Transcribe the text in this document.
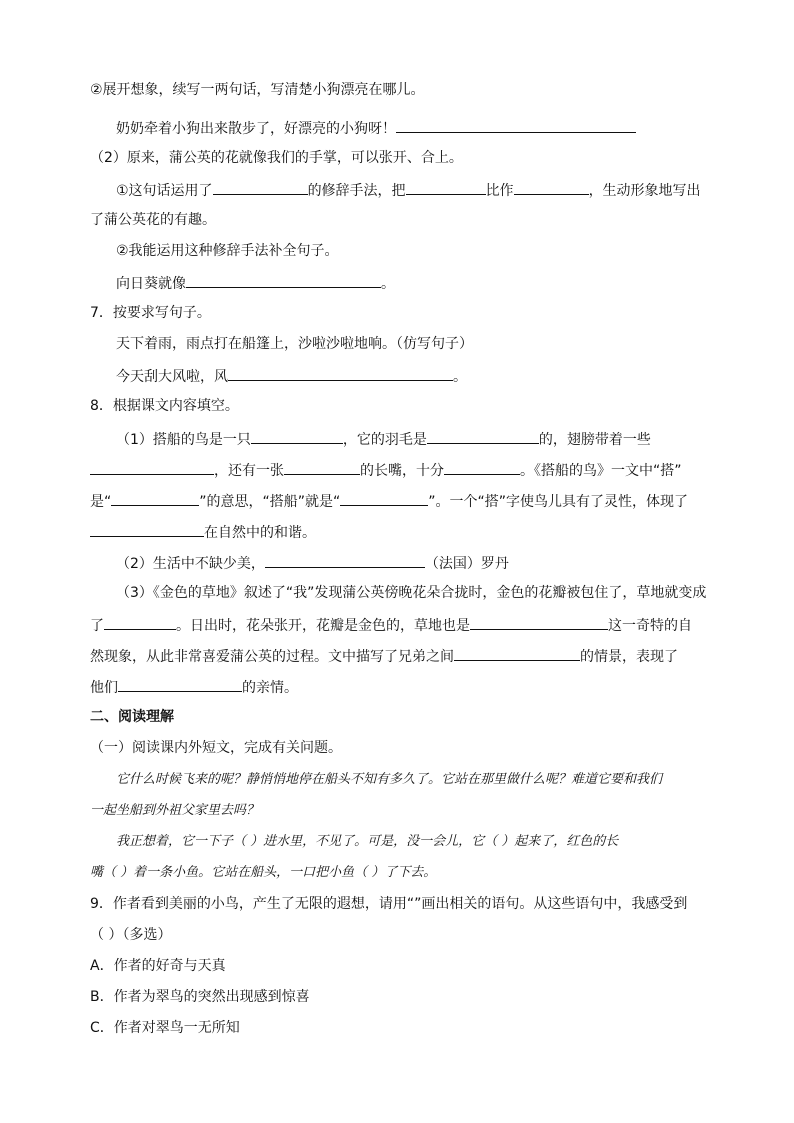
②展开想象，续写一两句话，写清楚小狗漂亮在哪儿。
奶奶牵着小狗出来散步了，好漂亮的小狗呀！
（2）原来，蒲公英的花就像我们的手掌，可以张开、合上。
①这句话运用了	的修辞手法，把	比作	，生动形象地写出
了蒲公英花的有趣。
②我能运用这种修辞手法补全句子。
向日葵就像	。
7．按要求写句子。
天下着雨，雨点打在船篷上，沙啦沙啦地响。（仿写句子）
今天刮大风啦，风	。
8．根据课文内容填空。
（1）搭船的鸟是一只	，它的羽毛是	的，翅膀带着一些
，还有一张	的长嘴，十分	。《搭船的鸟》一文中“搭”
是“	”的意思，“搭船”就是“	”。一个“搭”字使鸟儿具有了灵性，体现了
在自然中的和谐。
（2）生活中不缺少美，	（法国）罗丹
（3）《金色的草地》叙述了“我”发现蒲公英傍晚花朵合拢时，金色的花瓣被包住了，草地就变成
了	。日出时，花朵张开，花瓣是金色的，草地也是	这一奇特的自
然现象，从此非常喜爱蒲公英的过程。文中描写了兄弟之间	的情景，表现了
他们	的亲情。
二、阅读理解
（一）阅读课内外短文，完成有关问题。
它什么时候飞来的呢？静悄悄地停在船头不知有多久了。它站在那里做什么呢？难道它要和我们
一起坐船到外祖父家里去吗？
我正想着，它一下子（ ）进水里，不见了。可是，没一会儿，它（ ）起来了，红色的长
嘴（ ）着一条小鱼。它站在船头，一口把小鱼（ ）了下去。
9．作者看到美丽的小鸟，产生了无限的遐想，请用“”画出相关的语句。从这些语句中，我感受到
（ ）（多选）
A．作者的好奇与天真
B．作者为翠鸟的突然出现感到惊喜
C．作者对翠鸟一无所知
